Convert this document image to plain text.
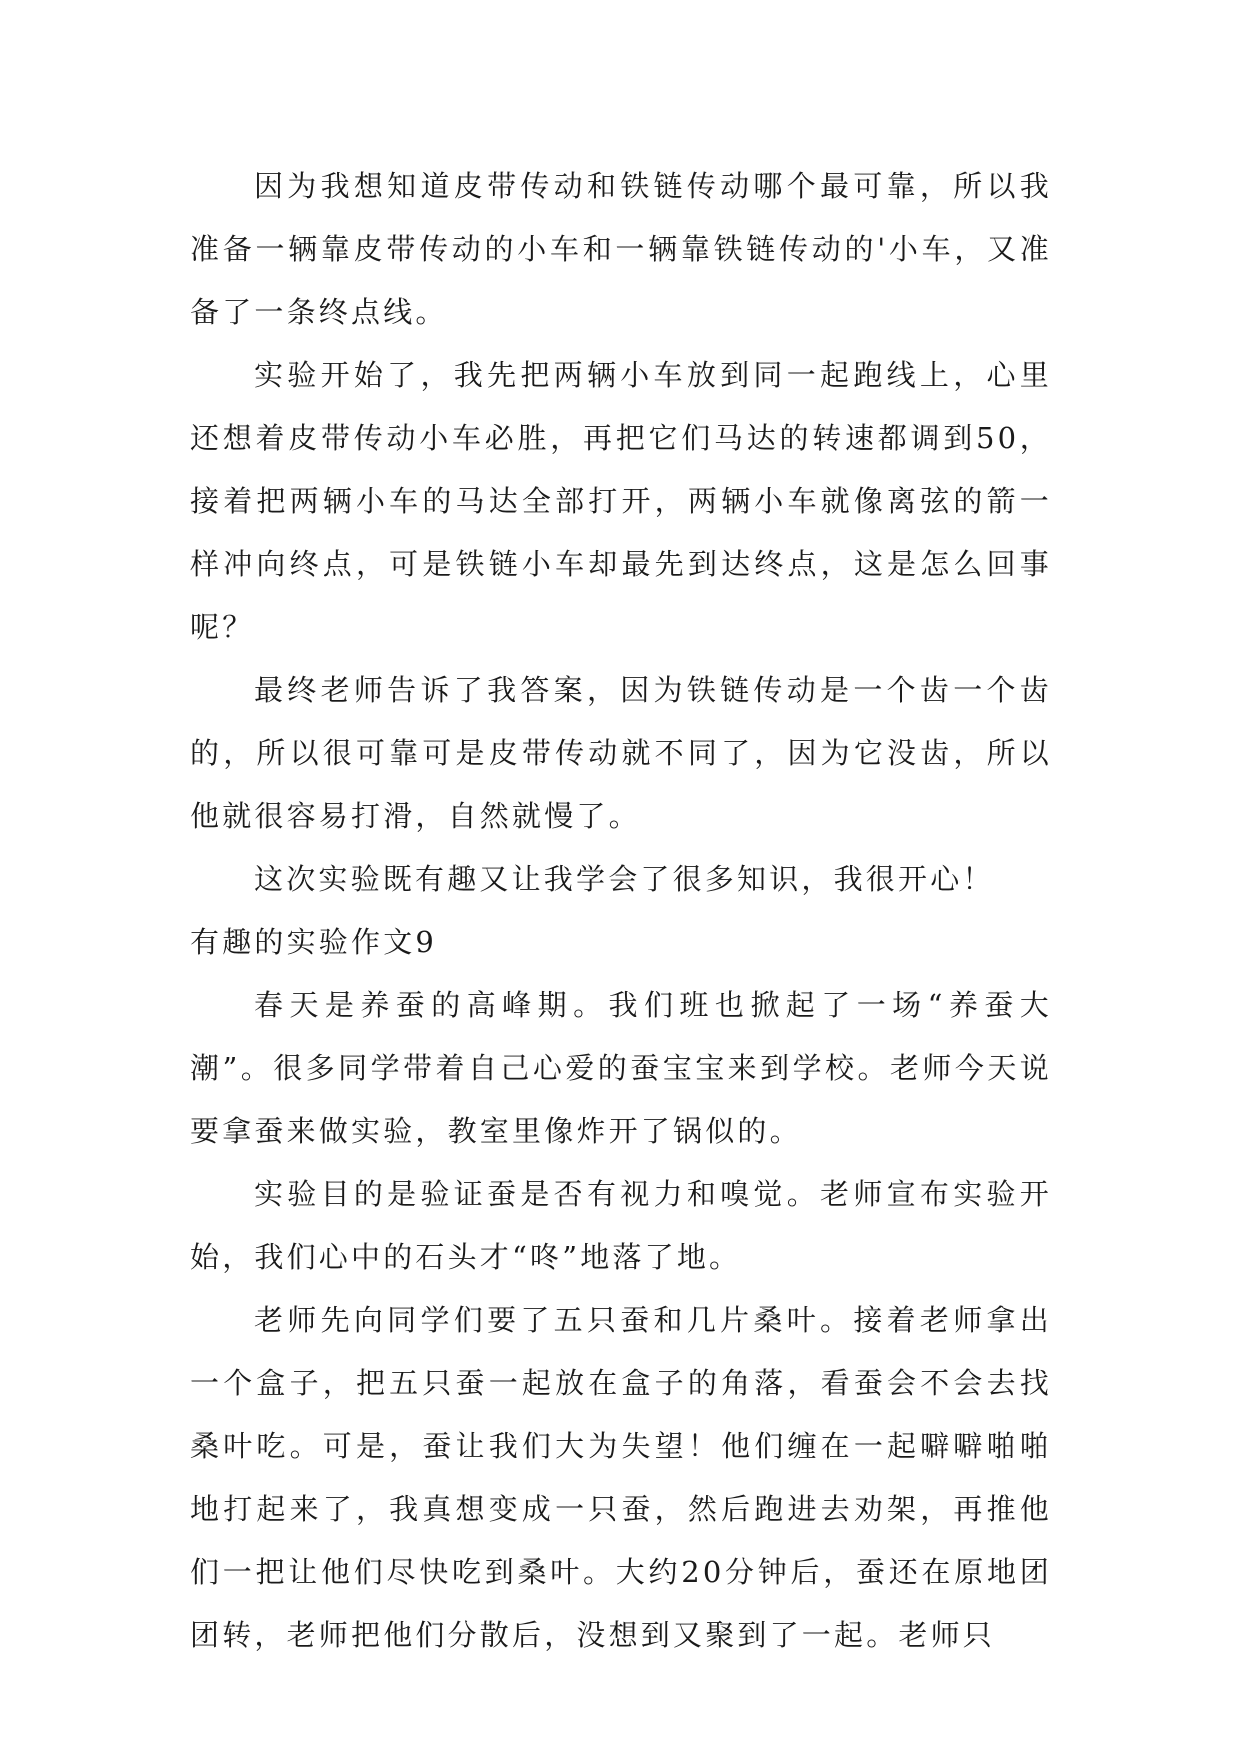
因为我想知道皮带传动和铁链传动哪个最可靠，所以我准备一辆靠皮带传动的小车和一辆靠铁链传动的'小车，又准备了一条终点线。

实验开始了，我先把两辆小车放到同一起跑线上，心里还想着皮带传动小车必胜，再把它们马达的转速都调到50，接着把两辆小车的马达全部打开，两辆小车就像离弦的箭一样冲向终点，可是铁链小车却最先到达终点，这是怎么回事呢？

最终老师告诉了我答案，因为铁链传动是一个齿一个齿的，所以很可靠可是皮带传动就不同了，因为它没齿，所以他就很容易打滑，自然就慢了。

这次实验既有趣又让我学会了很多知识，我很开心！

有趣的实验作文9

春天是养蚕的高峰期。我们班也掀起了一场“养蚕大潮”。很多同学带着自己心爱的蚕宝宝来到学校。老师今天说要拿蚕来做实验，教室里像炸开了锅似的。

实验目的是验证蚕是否有视力和嗅觉。老师宣布实验开始，我们心中的石头才“咚”地落了地。

老师先向同学们要了五只蚕和几片桑叶。接着老师拿出一个盒子，把五只蚕一起放在盒子的角落，看蚕会不会去找桑叶吃。可是，蚕让我们大为失望！他们缠在一起噼噼啪啪地打起来了，我真想变成一只蚕，然后跑进去劝架，再推他们一把让他们尽快吃到桑叶。大约20分钟后，蚕还在原地团团转，老师把他们分散后，没想到又聚到了一起。老师只
